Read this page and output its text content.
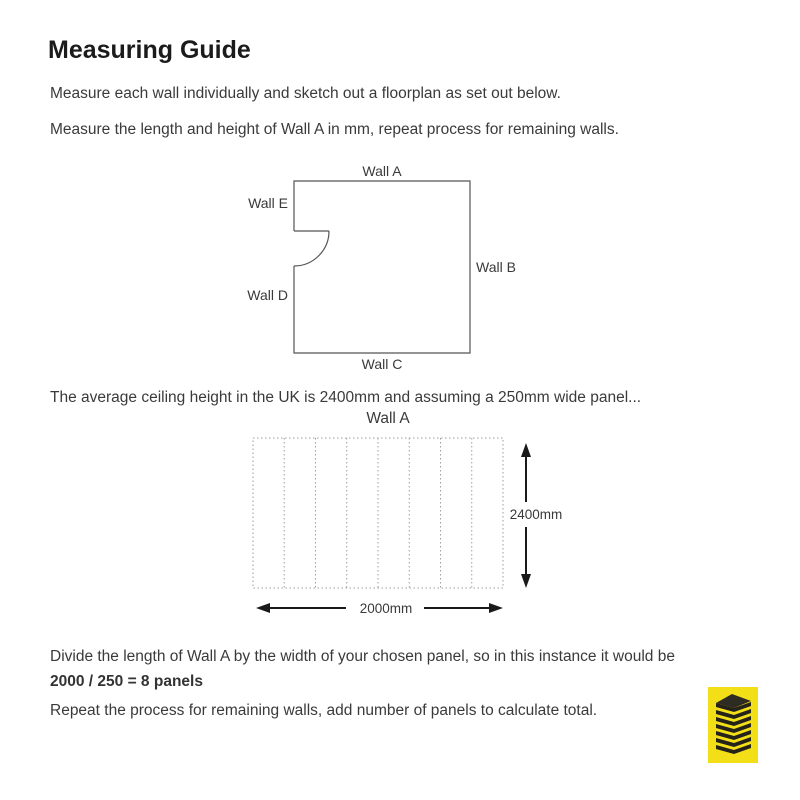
Measuring Guide
Measure each wall individually and sketch out a floorplan as set out below.
Measure the length and height of Wall A in mm, repeat process for remaining walls.
Wall A
Wall E
Wall B
Wall D
Wall C
The average ceiling height in the UK is 2400mm and assuming a 250mm wide panel...
Wall A
2400mm
2000mm
Divide the length of Wall A by the width of your chosen panel, so in this instance it would be
2000 / 250 = 8 panels
Repeat the process for remaining walls, add number of panels to calculate total.
